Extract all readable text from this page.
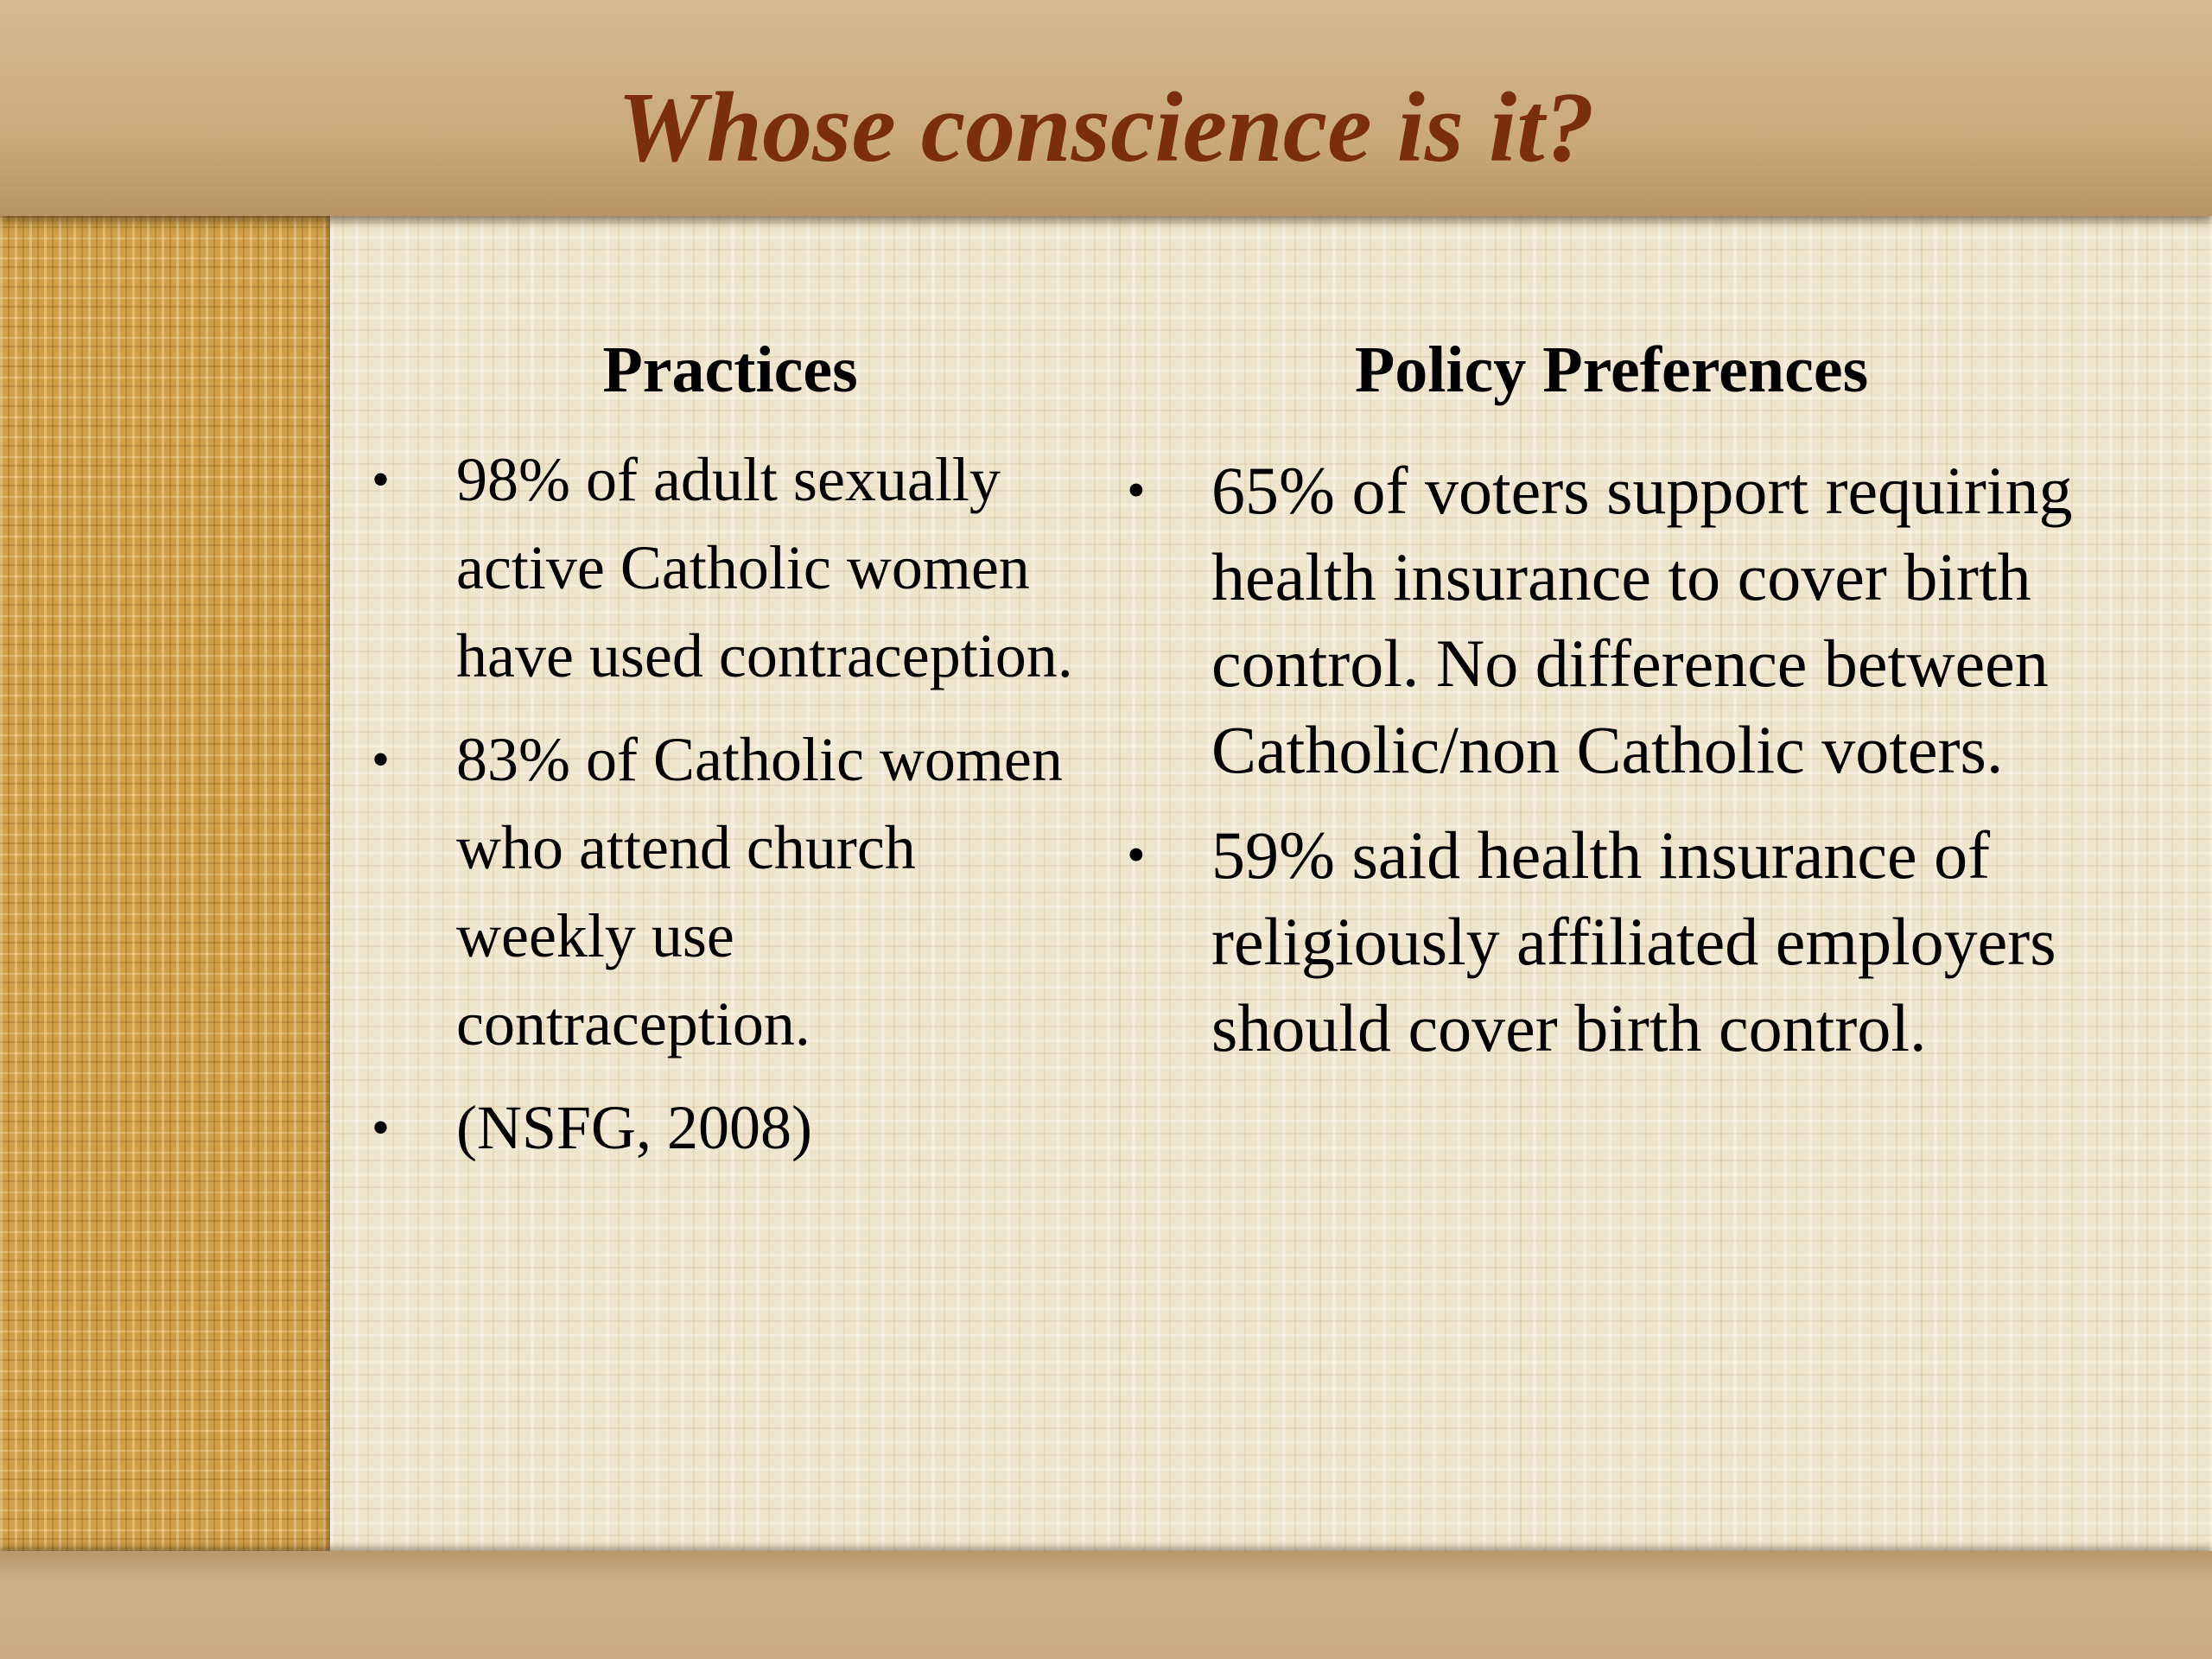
Whose conscience is it?
Practices
• 98% of adult sexually active Catholic women have used contraception.
• 83% of Catholic women who attend church weekly use contraception.
• (NSFG, 2008)
Policy Preferences
• 65% of voters support requiring health insurance to cover birth control. No difference between Catholic/non Catholic voters.
• 59% said health insurance of religiously affiliated employers should cover birth control.
